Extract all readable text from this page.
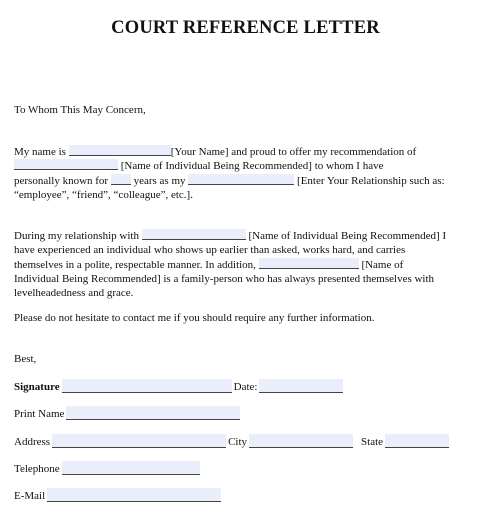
COURT REFERENCE LETTER

To Whom This May Concern,

My name is	[Your Name] and proud to offer my recommendation of
[Name of Individual Being Recommended] to whom I have
personally known for years as my	[Enter Your Relationship such as:
“employee”, “friend”, “colleague”, etc.].
During my relationship with	[Name of Individual Being Recommended] I
have experienced an individual who shows up earlier than asked, works hard, and carries
themselves in a polite, respectable manner. In addition,	[Name of
Individual Being Recommended] is a family-person who has always presented themselves with
levelheadedness and grace.

Please do not hesitate to contact me if you should require any further information.

Best,

Signature	Date:
Print Name
Address	City	State
Telephone
E-Mail
